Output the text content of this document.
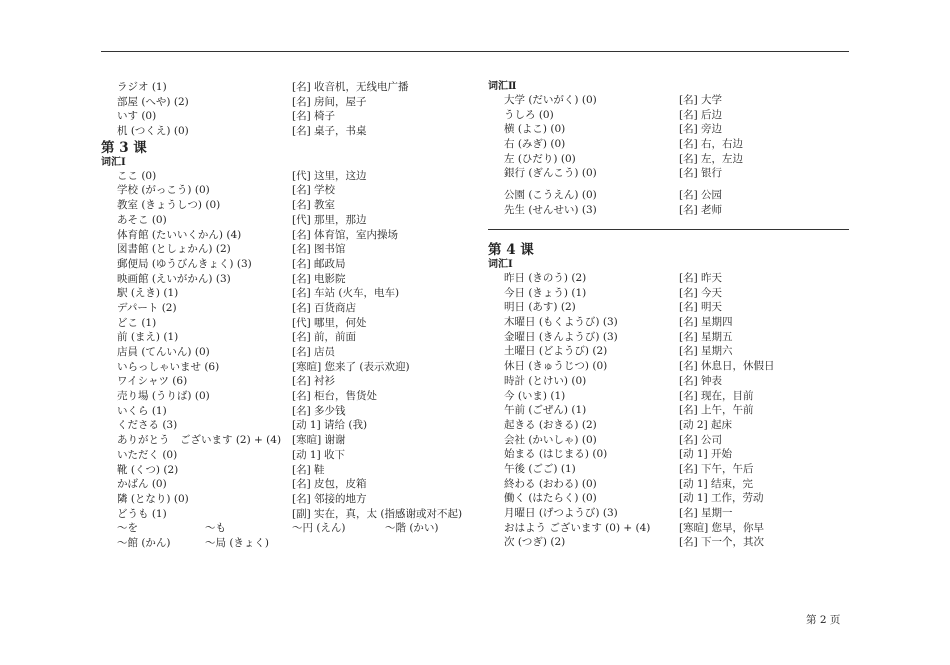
ラジオ (1)	[名] 收音机，无线电广播
部屋 (へや) (2)	[名] 房间，屋子
いす (0)	[名] 椅子
机 (つくえ) (0)	[名] 桌子，书桌
第 3 课
词汇Ⅰ
ここ (0)	[代] 这里，这边
学校 (がっこう) (0)	[名] 学校
教室 (きょうしつ) (0)	[名] 教室
あそこ (0)	[代] 那里，那边
体育館 (たいいくかん) (4)	[名] 体育馆，室内操场
図書館 (としょかん) (2)	[名] 图书馆
郵便局 (ゆうびんきょく) (3)	[名] 邮政局
映画館 (えいがかん) (3)	[名] 电影院
駅 (えき) (1)	[名] 车站 (火车，电车)
デパート (2)	[名] 百货商店
どこ (1)	[代] 哪里，何处
前 (まえ) (1)	[名] 前，前面
店員 (てんいん) (0)	[名] 店员
いらっしゃいませ (6)	[寒暄] 您来了 (表示欢迎)
ワイシャツ (6)	[名] 衬衫
売り場 (うりば) (0)	[名] 柜台，售货处
いくら (1)	[名] 多少钱
くださる (3)	[动 1] 请给 (我)
ありがとう　ございます (2) + (4) [寒暄] 谢谢
いただく (0)	[动 1] 收下
靴 (くつ) (2)	[名] 鞋
かばん (0)	[名] 皮包，皮箱
隣 (となり) (0)	[名] 邻接的地方
どうも (1)	[副] 实在，真，太 (指感谢或对不起)
～を	～も	～円 (えん)	～階 (かい)
～館 (かん)	～局 (きょく)
词汇Ⅱ
大学 (だいがく) (0)	[名] 大学
うしろ (0)	[名] 后边
横 (よこ) (0)	[名] 旁边
右 (みぎ) (0)	[名] 右，右边
左 (ひだり) (0)	[名] 左，左边
銀行 (ぎんこう) (0)	[名] 银行
公園 (こうえん) (0)	[名] 公园
先生 (せんせい) (3)	[名] 老师
第 4 课
词汇Ⅰ
昨日 (きのう) (2)	[名] 昨天
今日 (きょう) (1)	[名] 今天
明日 (あす) (2)	[名] 明天
木曜日 (もくようび) (3)	[名] 星期四
金曜日 (きんようび) (3)	[名] 星期五
土曜日 (どようび) (2)	[名] 星期六
休日 (きゅうじつ) (0)	[名] 休息日，休假日
時計 (とけい) (0)	[名] 钟表
今 (いま) (1)	[名] 现在，目前
午前 (ごぜん) (1)	[名] 上午，午前
起きる (おきる) (2)	[动 2] 起床
会社 (かいしゃ) (0)	[名] 公司
始まる (はじまる) (0)	[动 1] 开始
午後 (ごご) (1)	[名] 下午，午后
終わる (おわる) (0)	[动 1] 结束，完
働く (はたらく) (0)	[动 1] 工作，劳动
月曜日 (げつようび) (3)	[名] 星期一
おはよう ございます (0) + (4)	[寒暄] 您早，你早
次 (つぎ) (2)	[名] 下一个，其次
第 2 页
